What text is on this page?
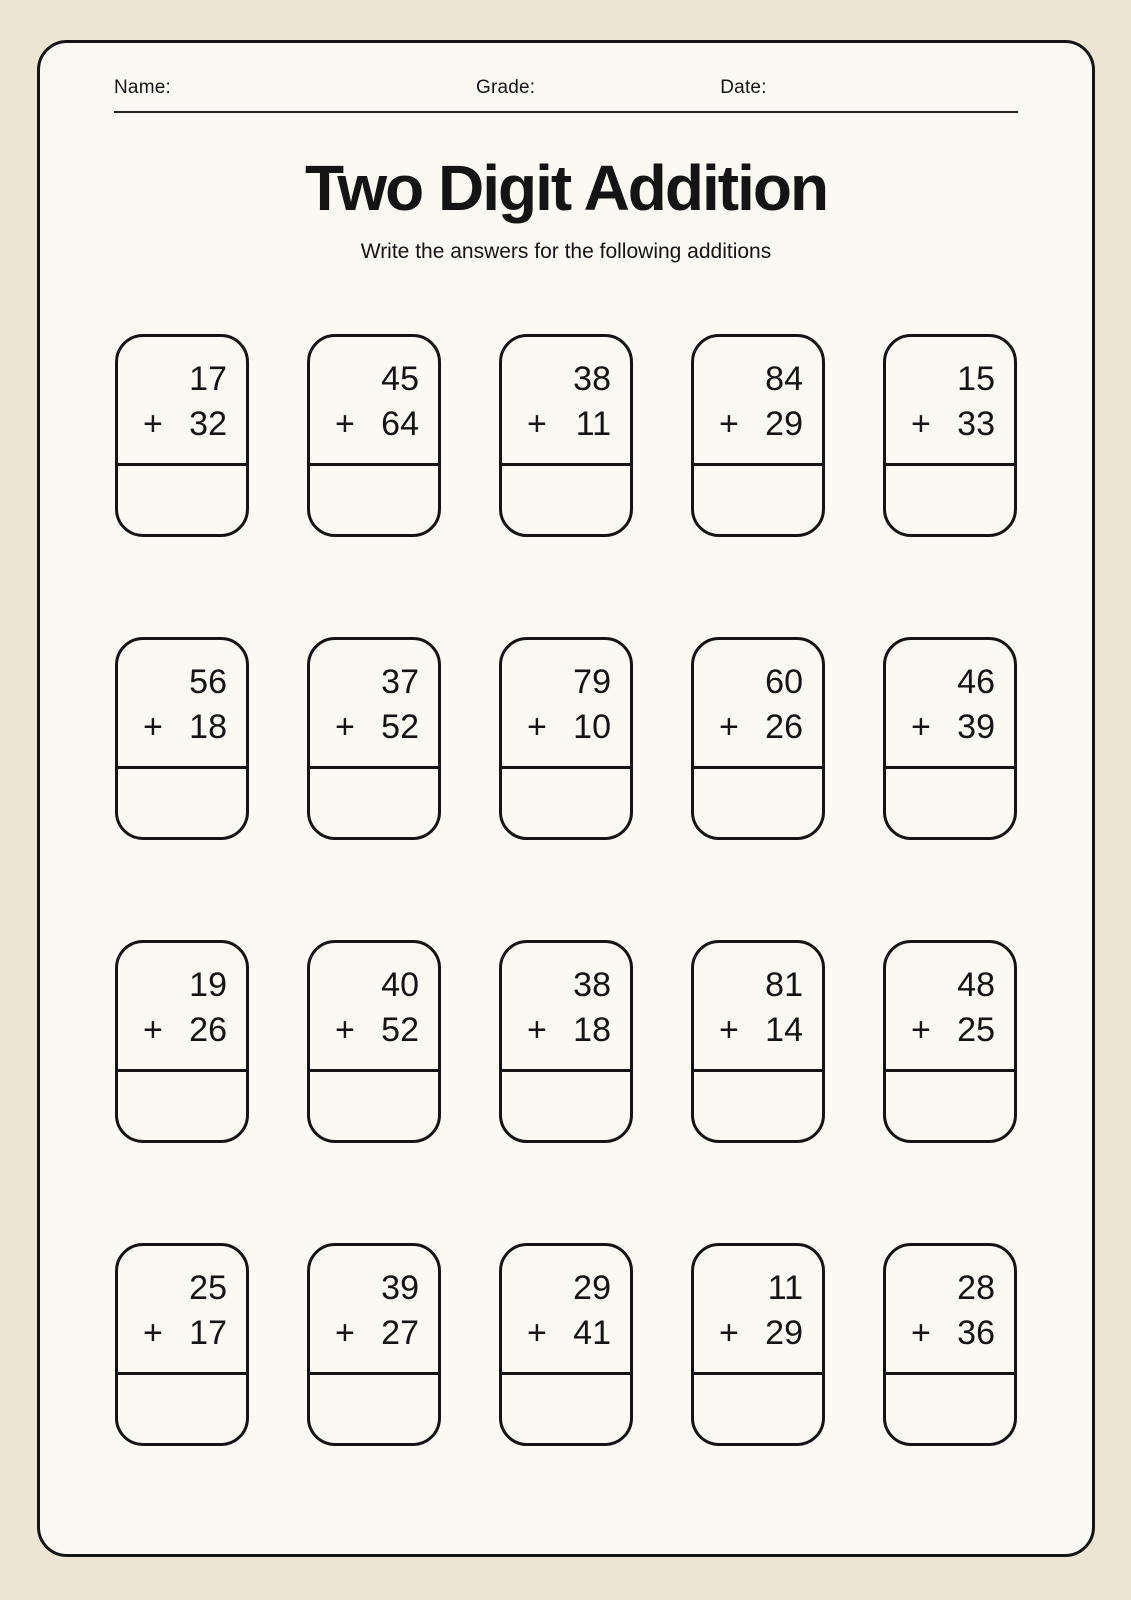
Name:	Grade:	Date:
Two Digit Addition

Write the answers for the following additions

17
+ 32
45
+ 64
38
+ 11
84
+ 29
15
+ 33
56
+ 18
37
+ 52
79
+ 10
60
+ 26
46
+ 39
19
+ 26
40
+ 52
38
+ 18
81
+ 14
48
+ 25
25
+ 17
39
+ 27
29
+ 41
11
+ 29
28
+ 36
